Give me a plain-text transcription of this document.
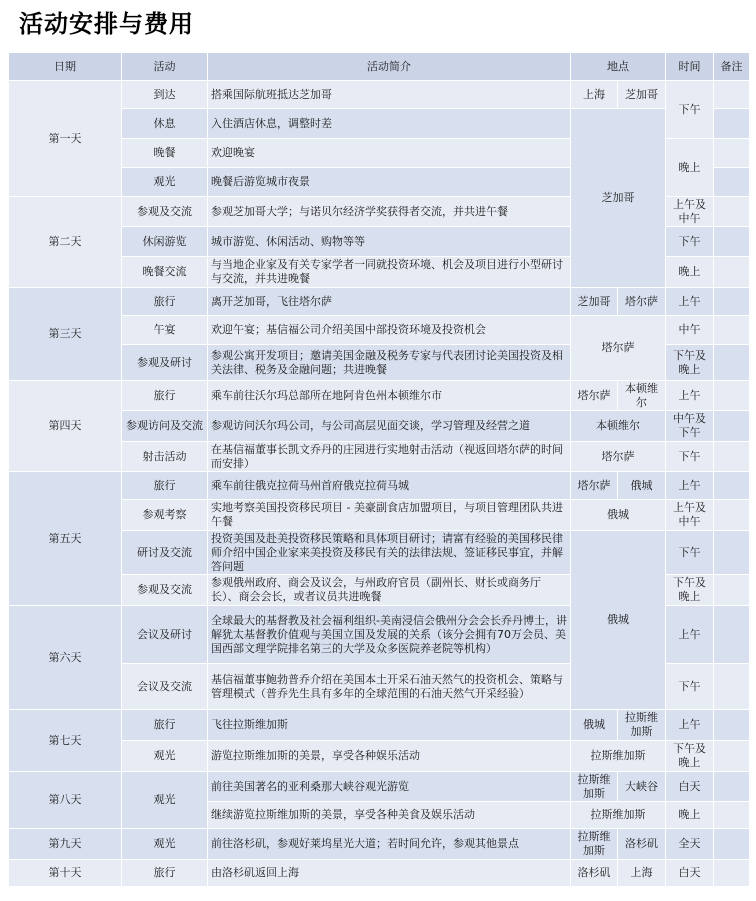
活动安排与费用
日期	活动	活动简介	地点		时间	备注
第一天	到达	搭乘国际航班抵达芝加哥	上海	芝加哥	下午	
	休息	入住酒店休息，调整时差	芝加哥			
	晚餐	欢迎晚宴			晚上	
	观光	晚餐后游览城市夜景				
第二天	参观及交流	参观芝加哥大学；与诺贝尔经济学奖获得者交流，并共进午餐			上午及中午	
	休闲游览	城市游览、休闲活动、购物等等			下午	
	晚餐交流	与当地企业家及有关专家学者一同就投资环境、机会及项目进行小型研讨与交流，并共进晚餐			晚上	
第三天	旅行	离开芝加哥，飞往塔尔萨	芝加哥	塔尔萨	上午	
	午宴	欢迎午宴；基信福公司介绍美国中部投资环境及投资机会	塔尔萨		中午	
	参观及研讨	参观公寓开发项目；邀请美国金融及税务专家与代表团讨论美国投资及相关法律、税务及金融问题；共进晚餐			下午及晚上	
第四天	旅行	乘车前往沃尔玛总部所在地阿肯色州本顿维尔市	塔尔萨	本顿维尔	上午	
	参观访问及交流	参观访问沃尔玛公司，与公司高层见面交谈，学习管理及经营之道	本顿维尔		中午及下午	
	射击活动	在基信福董事长凯文乔丹的庄园进行实地射击活动（视返回塔尔萨的时间而安排）	塔尔萨		下午	
第五天	旅行	乘车前往俄克拉荷马州首府俄克拉荷马城	塔尔萨	俄城	上午	
	参观考察	实地考察美国投资移民项目 - 美豪副食店加盟项目，与项目管理团队共进午餐	俄城		上午及中午	
	研讨及交流	投资美国及赴美投资移民策略和具体项目研讨；请富有经验的美国移民律师介绍中国企业家来美投资及移民有关的法律法规、签证移民事宜，并解答问题	俄城		下午	
	参观及交流	参观俄州政府、商会及议会，与州政府官员（副州长、财长或商务厅长）、商会会长，或者议员共进晚餐			下午及晚上	
第六天	会议及研讨	全球最大的基督教及社会福利组织-美南浸信会俄州分会会长乔丹博士，讲解犹太基督教价值观与美国立国及发展的关系（该分会拥有70万会员、美国西部文理学院排名第三的大学及众多医院养老院等机构）			上午	
	会议及交流	基信福董事鲍勃普乔介绍在美国本土开采石油天然气的投资机会、策略与管理模式（普乔先生具有多年的全球范围的石油天然气开采经验）			下午	
第七天	旅行	飞往拉斯维加斯	俄城	拉斯维加斯	上午	
	观光	游览拉斯维加斯的美景，享受各种娱乐活动	拉斯维加斯		下午及晚上	
第八天	观光	前往美国著名的亚利桑那大峡谷观光游览	拉斯维加斯	大峡谷	白天	
		继续游览拉斯维加斯的美景，享受各种美食及娱乐活动	拉斯维加斯		晚上	
第九天	观光	前往洛杉矶，参观好莱坞星光大道；若时间允许，参观其他景点	拉斯维加斯	洛杉矶	全天	
第十天	旅行	由洛杉矶返回上海	洛杉矶	上海	白天	
